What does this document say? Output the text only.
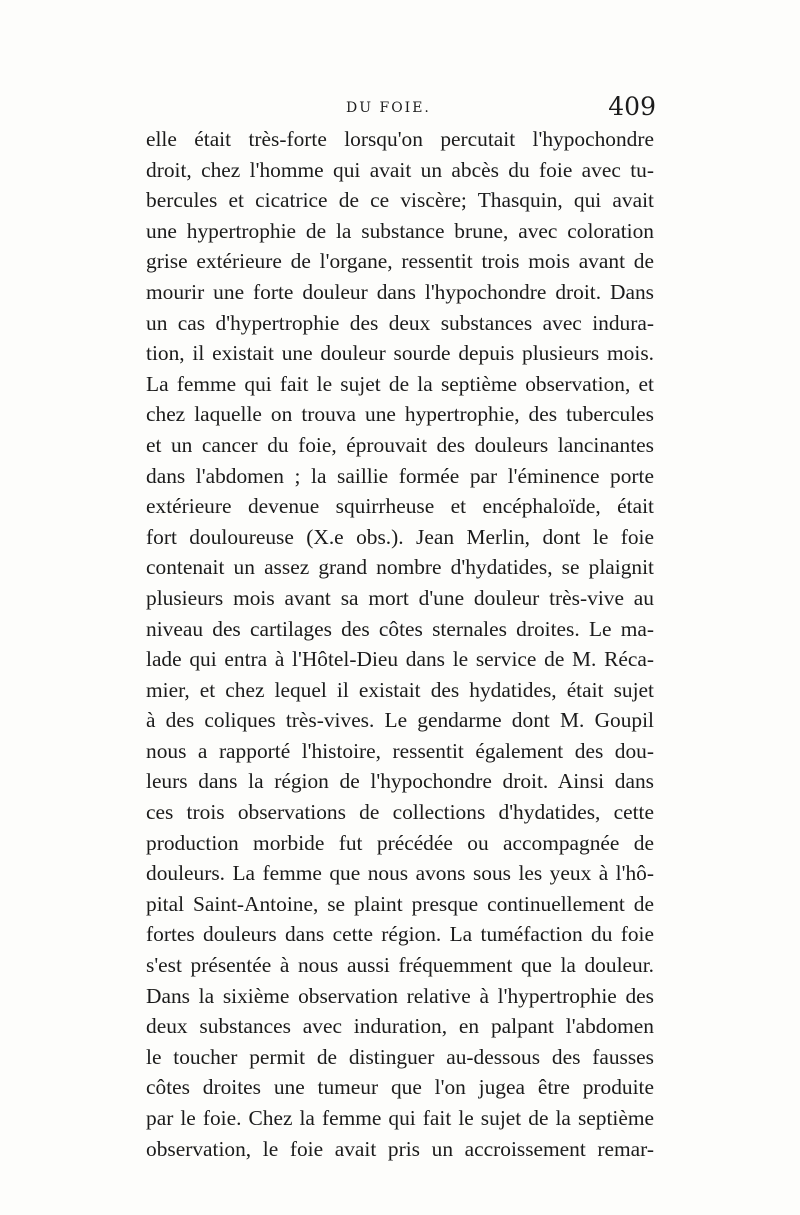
DU FOIE.	409
elle était très-forte lorsqu'on percutait l'hypochondre
droit, chez l'homme qui avait un abcès du foie avec tu-
bercules et cicatrice de ce viscère; Thasquin, qui avait
une hypertrophie de la substance brune, avec coloration
grise extérieure de l'organe, ressentit trois mois avant de
mourir une forte douleur dans l'hypochondre droit. Dans
un cas d'hypertrophie des deux substances avec indura-
tion, il existait une douleur sourde depuis plusieurs mois.
La femme qui fait le sujet de la septième observation, et
chez laquelle on trouva une hypertrophie, des tubercules
et un cancer du foie, éprouvait des douleurs lancinantes
dans l'abdomen ; la saillie formée par l'éminence porte
extérieure devenue squirrheuse et encéphaloïde, était
fort douloureuse (X.e obs.). Jean Merlin, dont le foie
contenait un assez grand nombre d'hydatides, se plaignit
plusieurs mois avant sa mort d'une douleur très-vive au
niveau des cartilages des côtes sternales droites. Le ma-
lade qui entra à l'Hôtel-Dieu dans le service de M. Réca-
mier, et chez lequel il existait des hydatides, était sujet
à des coliques très-vives. Le gendarme dont M. Goupil
nous a rapporté l'histoire, ressentit également des dou-
leurs dans la région de l'hypochondre droit. Ainsi dans
ces trois observations de collections d'hydatides, cette
production morbide fut précédée ou accompagnée de
douleurs. La femme que nous avons sous les yeux à l'hô-
pital Saint-Antoine, se plaint presque continuellement de
fortes douleurs dans cette région. La tuméfaction du foie
s'est présentée à nous aussi fréquemment que la douleur.
Dans la sixième observation relative à l'hypertrophie des
deux substances avec induration, en palpant l'abdomen
le toucher permit de distinguer au-dessous des fausses
côtes droites une tumeur que l'on jugea être produite
par le foie. Chez la femme qui fait le sujet de la septième
observation, le foie avait pris un accroissement remar-
